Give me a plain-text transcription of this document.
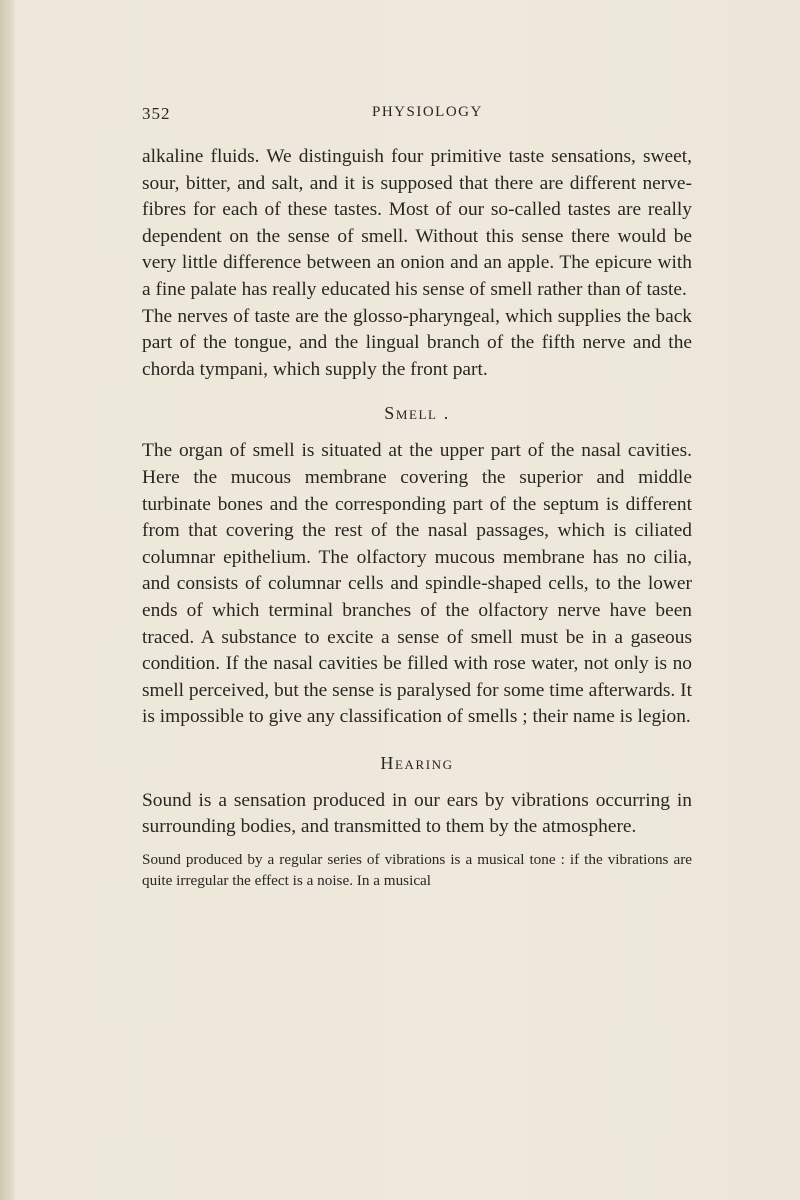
352	PHYSIOLOGY

alkaline fluids. We distinguish four primitive taste sensations, sweet, sour, bitter, and salt, and it is supposed that there are different nerve-fibres for each of these tastes. Most of our so-called tastes are really dependent on the sense of smell. Without this sense there would be very little difference between an onion and an apple. The epicure with a fine palate has really educated his sense of smell rather than of taste.

The nerves of taste are the glosso-pharyngeal, which supplies the back part of the tongue, and the lingual branch of the fifth nerve and the chorda tympani, which supply the front part.

Smell .

The organ of smell is situated at the upper part of the nasal cavities. Here the mucous membrane covering the superior and middle turbinate bones and the corresponding part of the septum is different from that covering the rest of the nasal passages, which is ciliated columnar epithelium. The olfactory mucous membrane has no cilia, and consists of columnar cells and spindle-shaped cells, to the lower ends of which terminal branches of the olfactory nerve have been traced. A substance to excite a sense of smell must be in a gaseous condition. If the nasal cavities be filled with rose water, not only is no smell perceived, but the sense is paralysed for some time afterwards. It is impossible to give any classification of smells ; their name is legion.

Hearing

Sound is a sensation produced in our ears by vibrations occurring in surrounding bodies, and transmitted to them by the atmosphere.

Sound produced by a regular series of vibrations is a musical tone : if the vibrations are quite irregular the effect is a noise. In a musical
